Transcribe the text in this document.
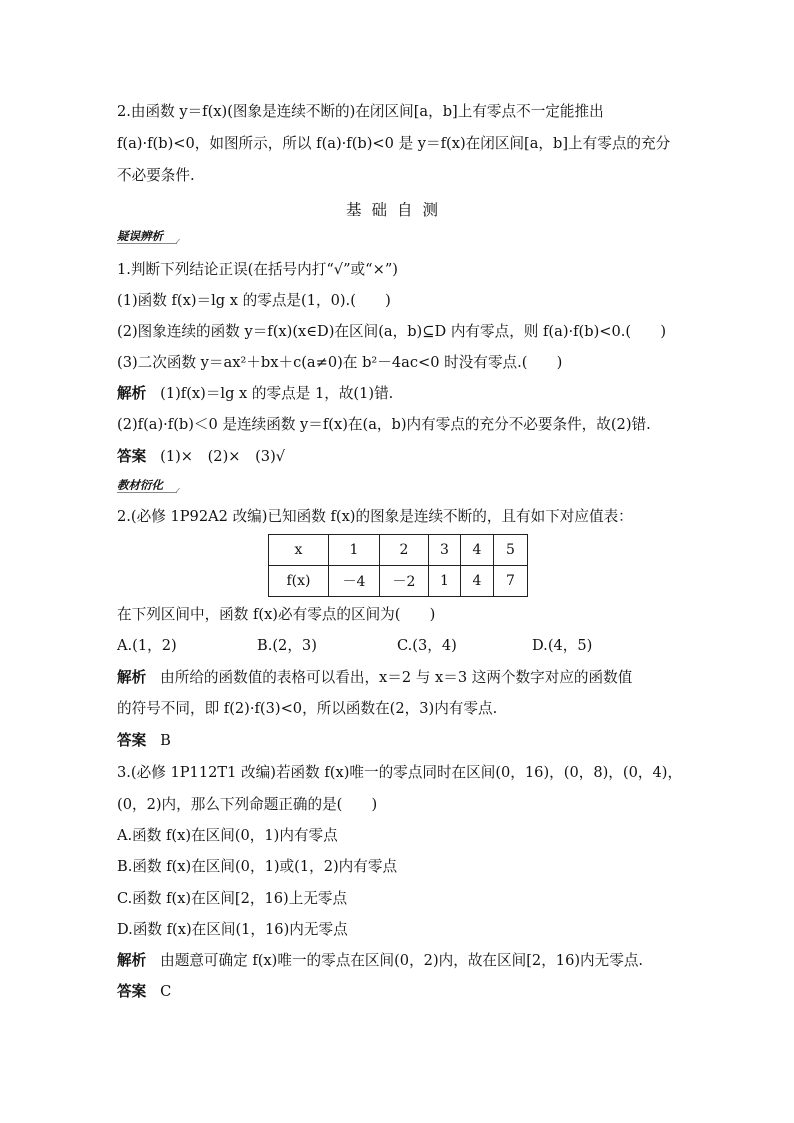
2.由函数 y＝f(x)(图象是连续不断的)在闭区间[a，b]上有零点不一定能推出
f(a)·f(b)<0，如图所示，所以 f(a)·f(b)<0 是 y＝f(x)在闭区间[a，b]上有零点的充分
不必要条件.
基础自测
疑误辨析
1.判断下列结论正误(在括号内打“√”或“×”)
(1)函数 f(x)＝lg x 的零点是(1，0).(　　)
(2)图象连续的函数 y＝f(x)(x∈D)在区间(a，b)⊆D 内有零点，则 f(a)·f(b)<0.(　　)
(3)二次函数 y＝ax²＋bx＋c(a≠0)在 b²－4ac<0 时没有零点.(　　)
解析 (1)f(x)＝lg x 的零点是 1，故(1)错.
(2)f(a)·f(b)＜0 是连续函数 y＝f(x)在(a，b)内有零点的充分不必要条件，故(2)错.
答案 (1)×　(2)×　(3)√
教材衍化
2.(必修 1P92A2 改编)已知函数 f(x)的图象是连续不断的，且有如下对应值表：
x	1	2	3	4	5
f(x)	－4	－2	1	4	7
在下列区间中，函数 f(x)必有零点的区间为(　　)
A.(1，2)	B.(2，3)	C.(3，4)	D.(4，5)
解析 由所给的函数值的表格可以看出，x＝2 与 x＝3 这两个数字对应的函数值
的符号不同，即 f(2)·f(3)<0，所以函数在(2，3)内有零点.
答案 B
3.(必修 1P112T1 改编)若函数 f(x)唯一的零点同时在区间(0，16)，(0，8)，(0，4)，
(0，2)内，那么下列命题正确的是(　　)
A.函数 f(x)在区间(0，1)内有零点
B.函数 f(x)在区间(0，1)或(1，2)内有零点
C.函数 f(x)在区间[2，16)上无零点
D.函数 f(x)在区间(1，16)内无零点
解析 由题意可确定 f(x)唯一的零点在区间(0，2)内，故在区间[2，16)内无零点.
答案 C
